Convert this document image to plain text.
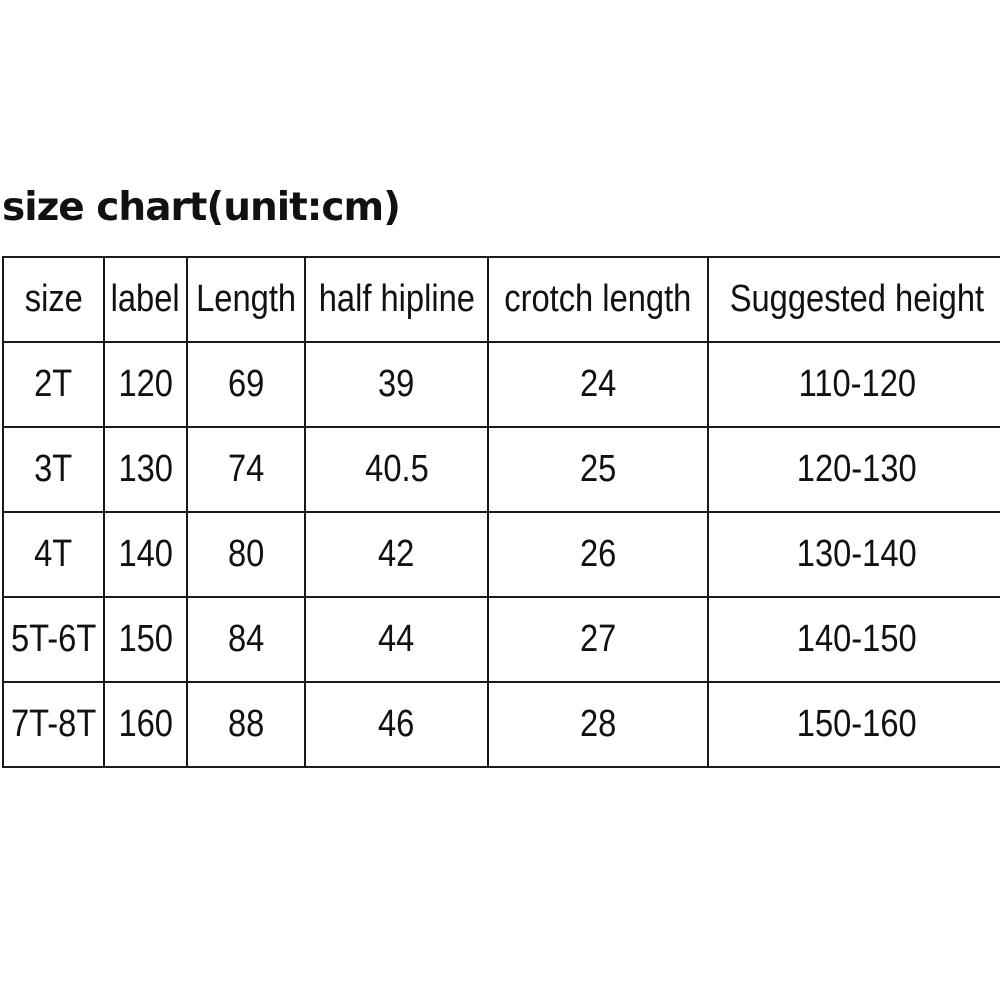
size chart(unit:cm)
size	label	Length	half hipline	crotch length	Suggested height
2T	120	69	39	24	110-120
3T	130	74	40.5	25	120-130
4T	140	80	42	26	130-140
5T-6T	150	84	44	27	140-150
7T-8T	160	88	46	28	150-160
